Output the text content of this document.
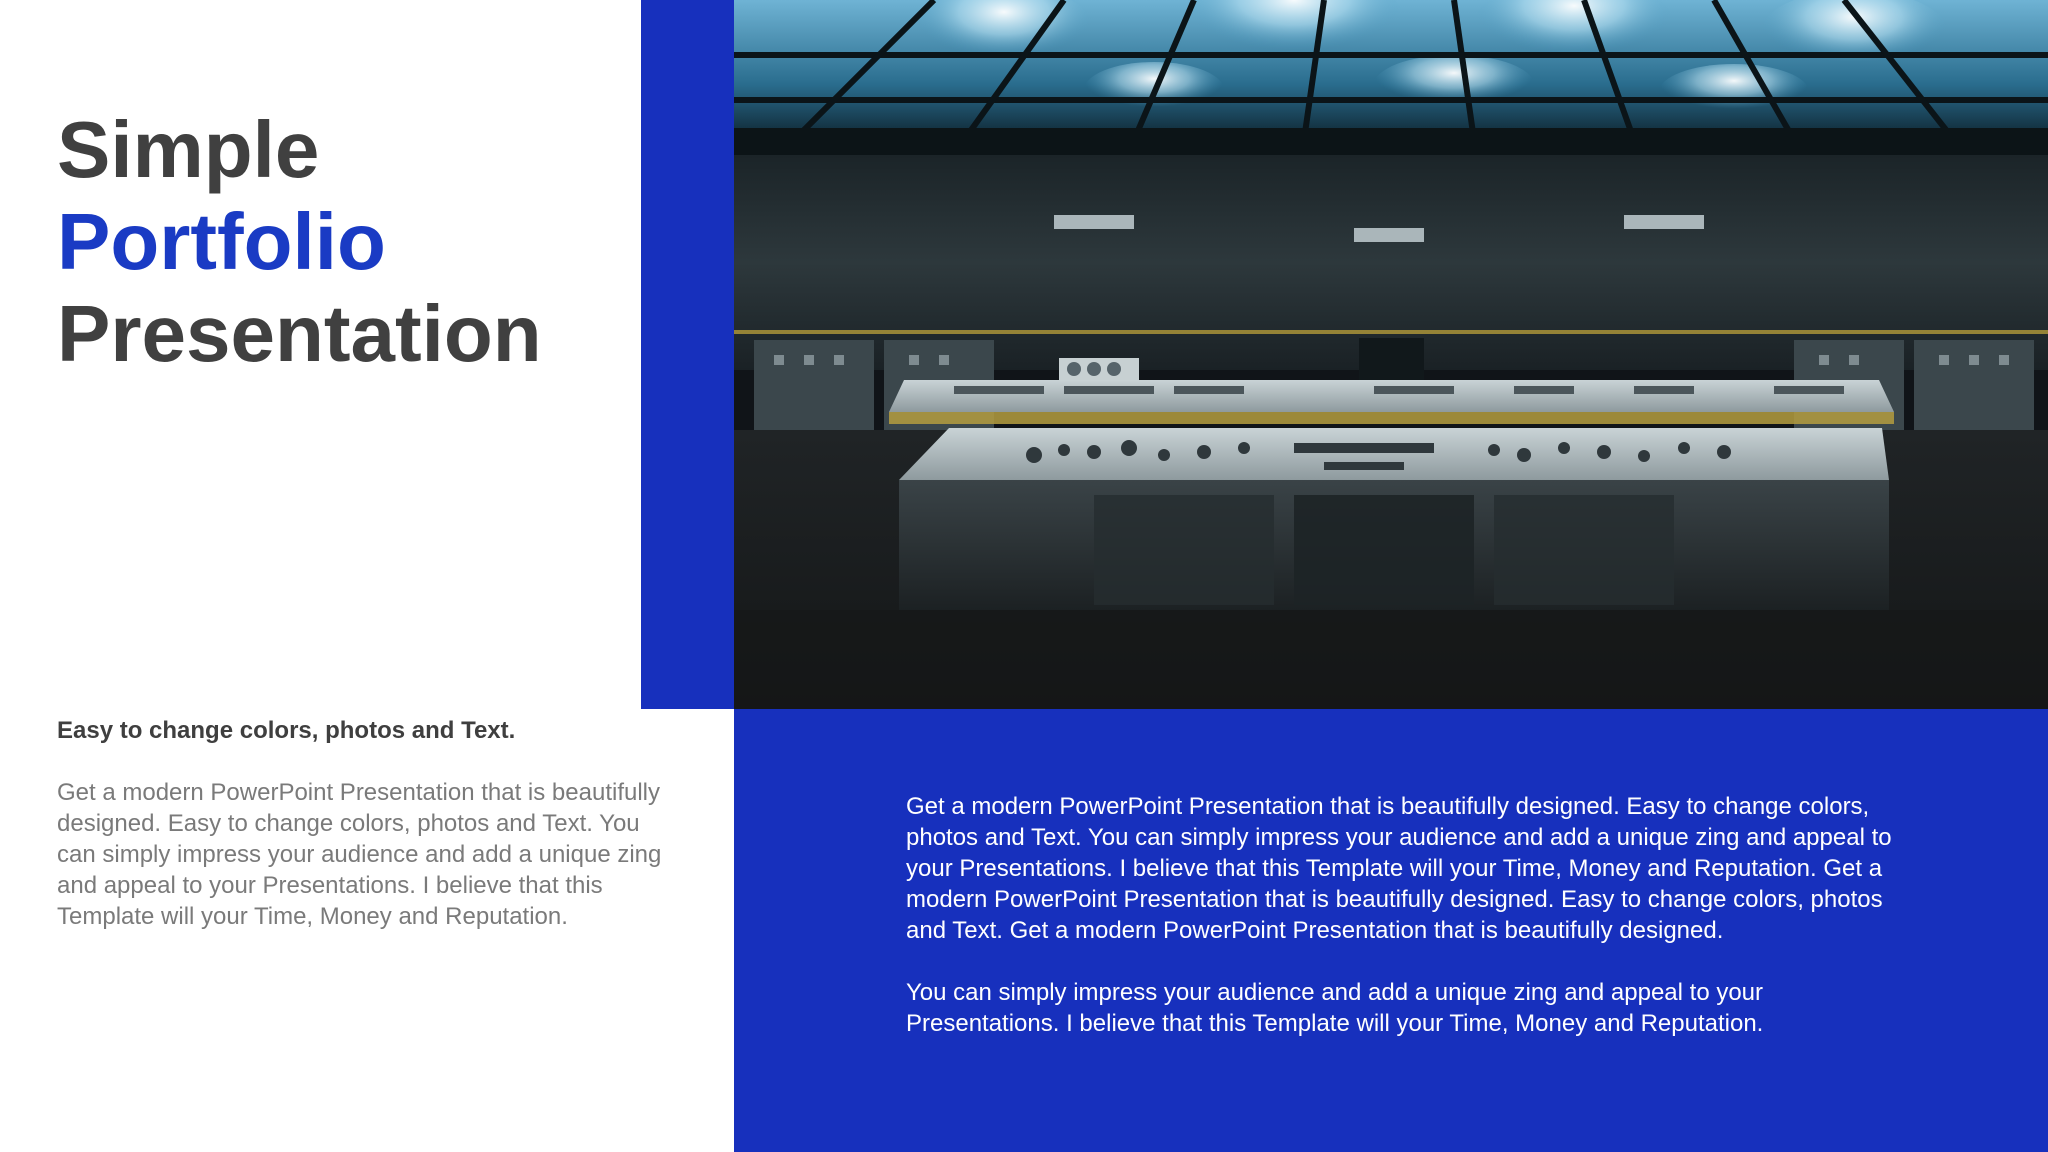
Simple
Portfolio
Presentation

Easy to change colors, photos and Text.

Get a modern PowerPoint Presentation that is beautifully designed. Easy to change colors, photos and Text. You can simply impress your audience and add a unique zing and appeal to your Presentations. I believe that this Template will your Time, Money and Reputation.

Get a modern PowerPoint Presentation that is beautifully designed. Easy to change colors, photos and Text. You can simply impress your audience and add a unique zing and appeal to your Presentations. I believe that this Template will your Time, Money and Reputation. Get a modern PowerPoint Presentation that is beautifully designed. Easy to change colors, photos and Text. Get a modern PowerPoint Presentation that is beautifully designed.

You can simply impress your audience and add a unique zing and appeal to your Presentations. I believe that this Template will your Time, Money and Reputation.
